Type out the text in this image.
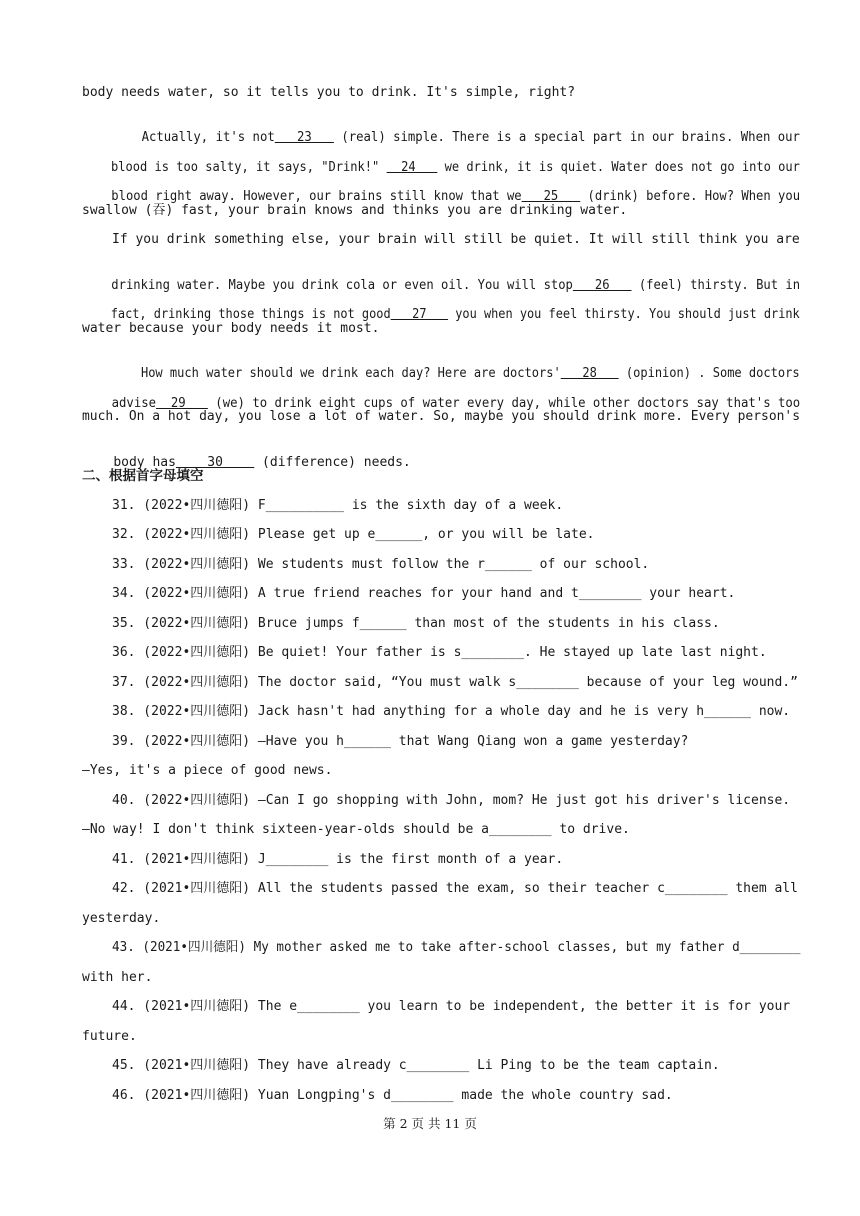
body needs water, so it tells you to drink. It's simple, right?

Actually, it's not   23    (real) simple. There is a special part in our brains. When our

blood is too salty, it says, "Drink!"   24    we drink, it is quiet. Water does not go into our

blood right away. However, our brains still know that we   25    (drink) before. How? When you

swallow (吞) fast, your brain knows and thinks you are drinking water.
If you drink something else, your brain will still be quiet. It will still think you are

drinking water. Maybe you drink cola or even oil. You will stop   26    (feel) thirsty. But in

fact, drinking those things is not good   27    you when you feel thirsty. You should just drink

water because your body needs it most.

How much water should we drink each day? Here are doctors'   28    (opinion) . Some doctors

advise  29    (we) to drink eight cups of water every day, while other doctors say that's too

much. On a hot day, you lose a lot of water. So, maybe you should drink more. Every person's

body has    30     (difference) needs.

二、根据首字母填空
31. (2022•四川德阳) F__________ is the sixth day of a week.
32. (2022•四川德阳) Please get up e______, or you will be late.
33. (2022•四川德阳) We students must follow the r______ of our school.
34. (2022•四川德阳) A true friend reaches for your hand and t________ your heart.
35. (2022•四川德阳) Bruce jumps f______ than most of the students in his class.
36. (2022•四川德阳) Be quiet! Your father is s________. He stayed up late last night.
37. (2022•四川德阳) The doctor said, “You must walk s________ because of your leg wound.”
38. (2022•四川德阳) Jack hasn't had anything for a whole day and he is very h______ now.
39. (2022•四川德阳) —Have you h______ that Wang Qiang won a game yesterday?
—Yes, it's a piece of good news.
40. (2022•四川德阳) —Can I go shopping with John, mom? He just got his driver's license.
—No way! I don't think sixteen-year-olds should be a________ to drive.
41. (2021•四川德阳) J________ is the first month of a year.
42. (2021•四川德阳) All the students passed the exam, so their teacher c________ them all
yesterday.
43. (2021•四川德阳) My mother asked me to take after-school classes, but my father d________
with her.
44. (2021•四川德阳) The e________ you learn to be independent, the better it is for your
future.
45. (2021•四川德阳) They have already c________ Li Ping to be the team captain.
46. (2021•四川德阳) Yuan Longping's d________ made the whole country sad.
第 2 页 共 11 页
